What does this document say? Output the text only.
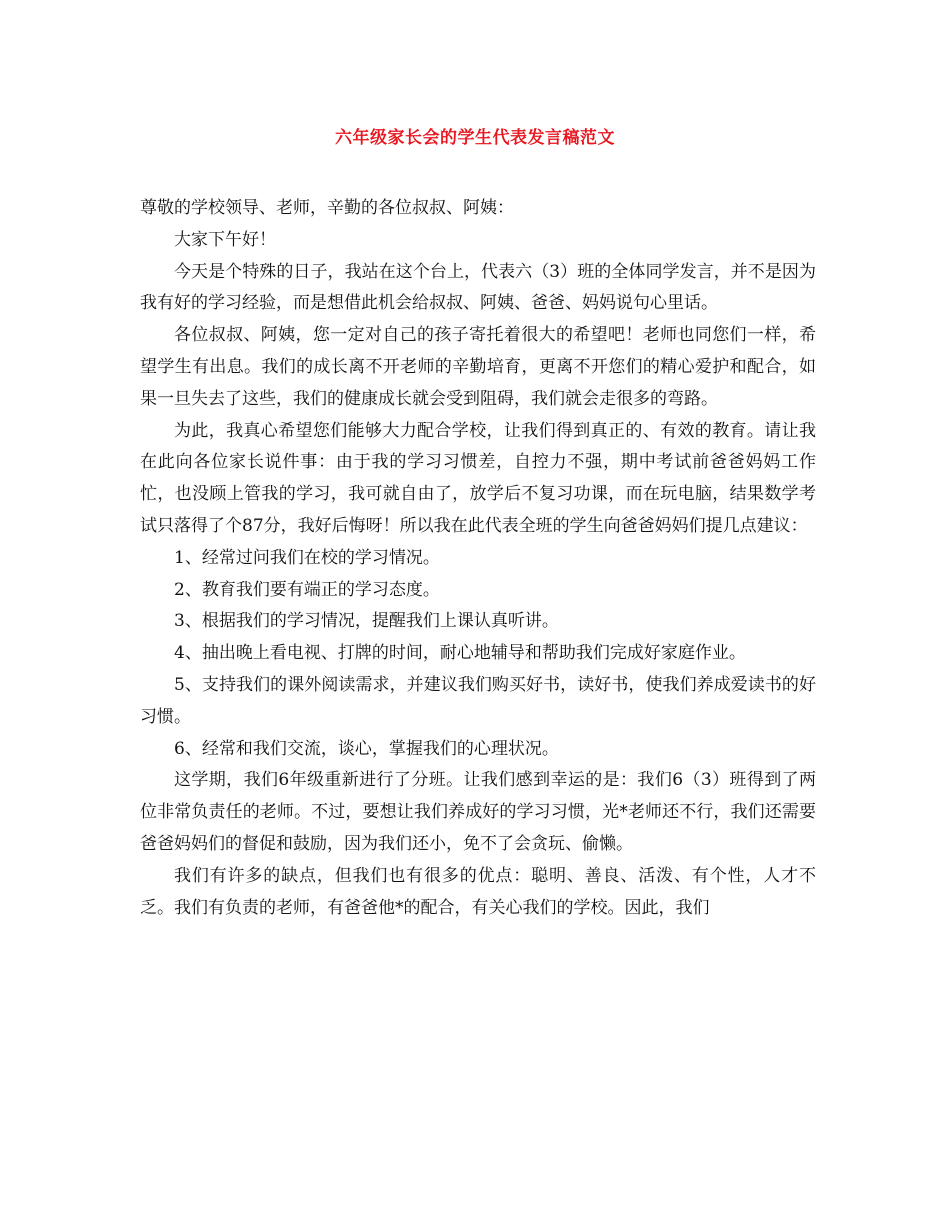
六年级家长会的学生代表发言稿范文

尊敬的学校领导、老师，辛勤的各位叔叔、阿姨：

大家下午好！

今天是个特殊的日子，我站在这个台上，代表六（3）班的全体同学发言，并不是因为我有好的学习经验，而是想借此机会给叔叔、阿姨、爸爸、妈妈说句心里话。

各位叔叔、阿姨，您一定对自己的孩子寄托着很大的希望吧！老师也同您们一样，希望学生有出息。我们的成长离不开老师的辛勤培育，更离不开您们的精心爱护和配合，如果一旦失去了这些，我们的健康成长就会受到阻碍，我们就会走很多的弯路。

为此，我真心希望您们能够大力配合学校，让我们得到真正的、有效的教育。请让我在此向各位家长说件事：由于我的学习习惯差，自控力不强，期中考试前爸爸妈妈工作忙，也没顾上管我的学习，我可就自由了，放学后不复习功课，而在玩电脑，结果数学考试只落得了个87分，我好后悔呀！所以我在此代表全班的学生向爸爸妈妈们提几点建议：

1、经常过问我们在校的学习情况。

2、教育我们要有端正的学习态度。

3、根据我们的学习情况，提醒我们上课认真听讲。

4、抽出晚上看电视、打牌的时间，耐心地辅导和帮助我们完成好家庭作业。

5、支持我们的课外阅读需求，并建议我们购买好书，读好书，使我们养成爱读书的好习惯。

6、经常和我们交流，谈心，掌握我们的心理状况。

这学期，我们6年级重新进行了分班。让我们感到幸运的是：我们6（3）班得到了两位非常负责任的老师。不过，要想让我们养成好的学习习惯，光*老师还不行，我们还需要爸爸妈妈们的督促和鼓励，因为我们还小，免不了会贪玩、偷懒。

我们有许多的缺点，但我们也有很多的优点：聪明、善良、活泼、有个性，人才不乏。我们有负责的老师，有爸爸他*的配合，有关心我们的学校。因此，我们
